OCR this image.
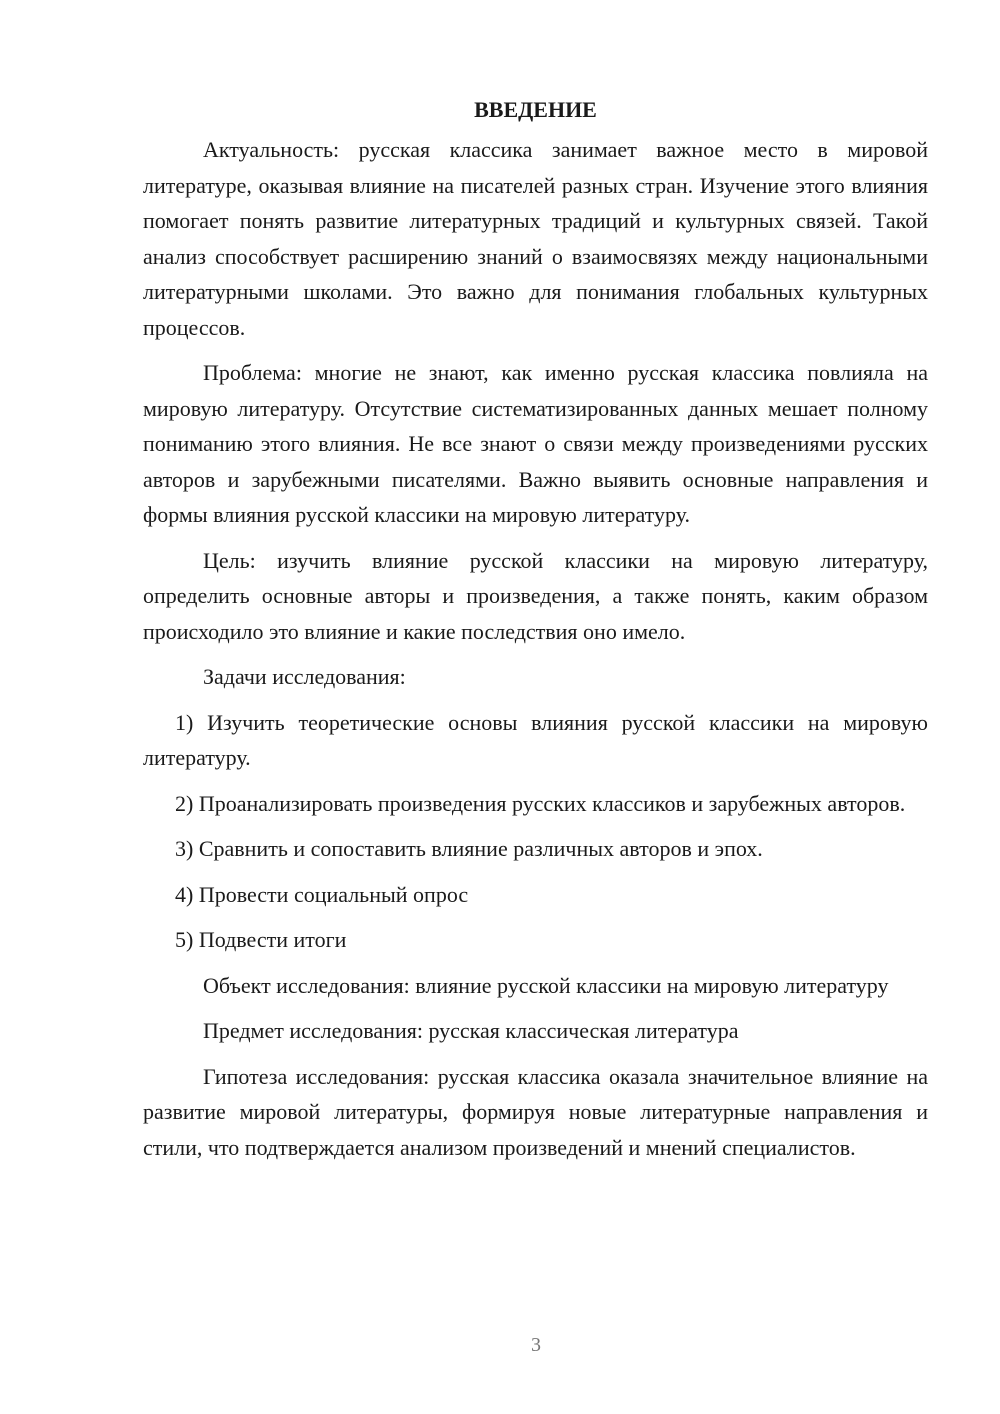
ВВЕДЕНИЕ

Актуальность: русская классика занимает важное место в мировой литературе, оказывая влияние на писателей разных стран. Изучение этого влияния помогает понять развитие литературных традиций и культурных связей. Такой анализ способствует расширению знаний о взаимосвязях между национальными литературными школами. Это важно для понимания глобальных культурных процессов.

Проблема: многие не знают, как именно русская классика повлияла на мировую литературу. Отсутствие систематизированных данных мешает полному пониманию этого влияния. Не все знают о связи между произведениями русских авторов и зарубежными писателями. Важно выявить основные направления и формы влияния русской классики на мировую литературу.

Цель: изучить влияние русской классики на мировую литературу, определить основные авторы и произведения, а также понять, каким образом происходило это влияние и какие последствия оно имело.

Задачи исследования:

1) Изучить теоретические основы влияния русской классики на мировую литературу.

2) Проанализировать произведения русских классиков и зарубежных авторов.

3) Сравнить и сопоставить влияние различных авторов и эпох.

4) Провести социальный опрос

5) Подвести итоги

Объект исследования: влияние русской классики на мировую литературу

Предмет исследования: русская классическая литература

Гипотеза исследования: русская классика оказала значительное влияние на развитие мировой литературы, формируя новые литературные направления и стили, что подтверждается анализом произведений и мнений специалистов.

3
